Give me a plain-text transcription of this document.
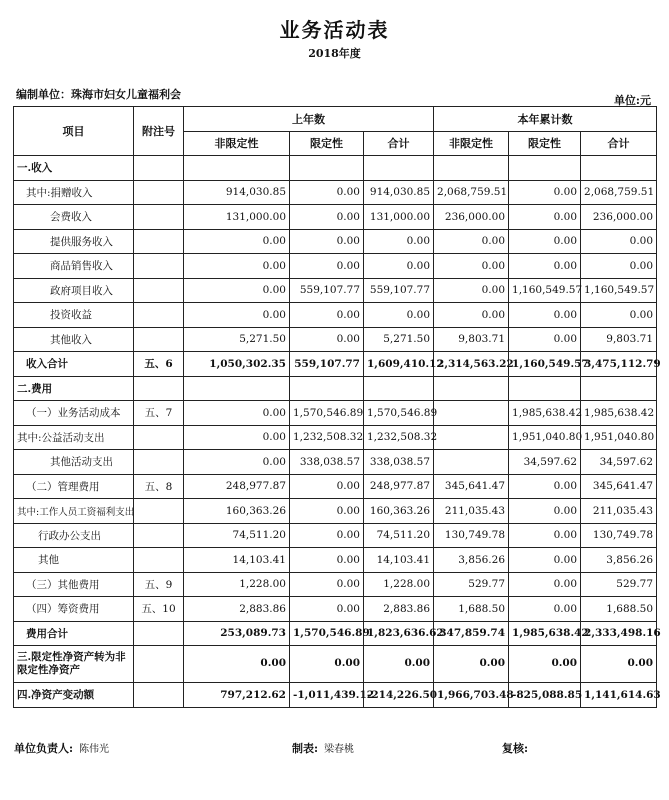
业务活动表
2018年度
编制单位：珠海市妇女儿童福利会	单位:元
项目	附注号	上年数			本年累计数		
		非限定性	限定性	合计	非限定性	限定性	合计
一.收入							
其中:捐赠收入		914,030.85	0.00	914,030.85	2,068,759.51	0.00	2,068,759.51
会费收入		131,000.00	0.00	131,000.00	236,000.00	0.00	236,000.00
提供服务收入		0.00	0.00	0.00	0.00	0.00	0.00
商品销售收入		0.00	0.00	0.00	0.00	0.00	0.00
政府项目收入		0.00	559,107.77	559,107.77	0.00	1,160,549.57	1,160,549.57
投资收益		0.00	0.00	0.00	0.00	0.00	0.00
其他收入		5,271.50	0.00	5,271.50	9,803.71	0.00	9,803.71
收入合计	五、6	1,050,302.35	559,107.77	1,609,410.12	2,314,563.22	1,160,549.57	3,475,112.79
二.费用							
（一）业务活动成本	五、7	0.00	1,570,546.89	1,570,546.89		1,985,638.42	1,985,638.42
其中:公益活动支出		0.00	1,232,508.32	1,232,508.32		1,951,040.80	1,951,040.80
其他活动支出		0.00	338,038.57	338,038.57		34,597.62	34,597.62
（二）管理费用	五、8	248,977.87	0.00	248,977.87	345,641.47	0.00	345,641.47
其中:工作人员工资福利支出		160,363.26	0.00	160,363.26	211,035.43	0.00	211,035.43
行政办公支出		74,511.20	0.00	74,511.20	130,749.78	0.00	130,749.78
其他		14,103.41	0.00	14,103.41	3,856.26	0.00	3,856.26
（三）其他费用	五、9	1,228.00	0.00	1,228.00	529.77	0.00	529.77
（四）筹资费用	五、10	2,883.86	0.00	2,883.86	1,688.50	0.00	1,688.50
费用合计		253,089.73	1,570,546.89	1,823,636.62	347,859.74	1,985,638.42	2,333,498.16
三.限定性净资产转为非限定性净资产		0.00	0.00	0.00	0.00	0.00	0.00
四.净资产变动额		797,212.62	-1,011,439.12	-214,226.50	1,966,703.48	-825,088.85	1,141,614.63
单位负责人: 陈伟光	制表: 梁春桃	复核:
